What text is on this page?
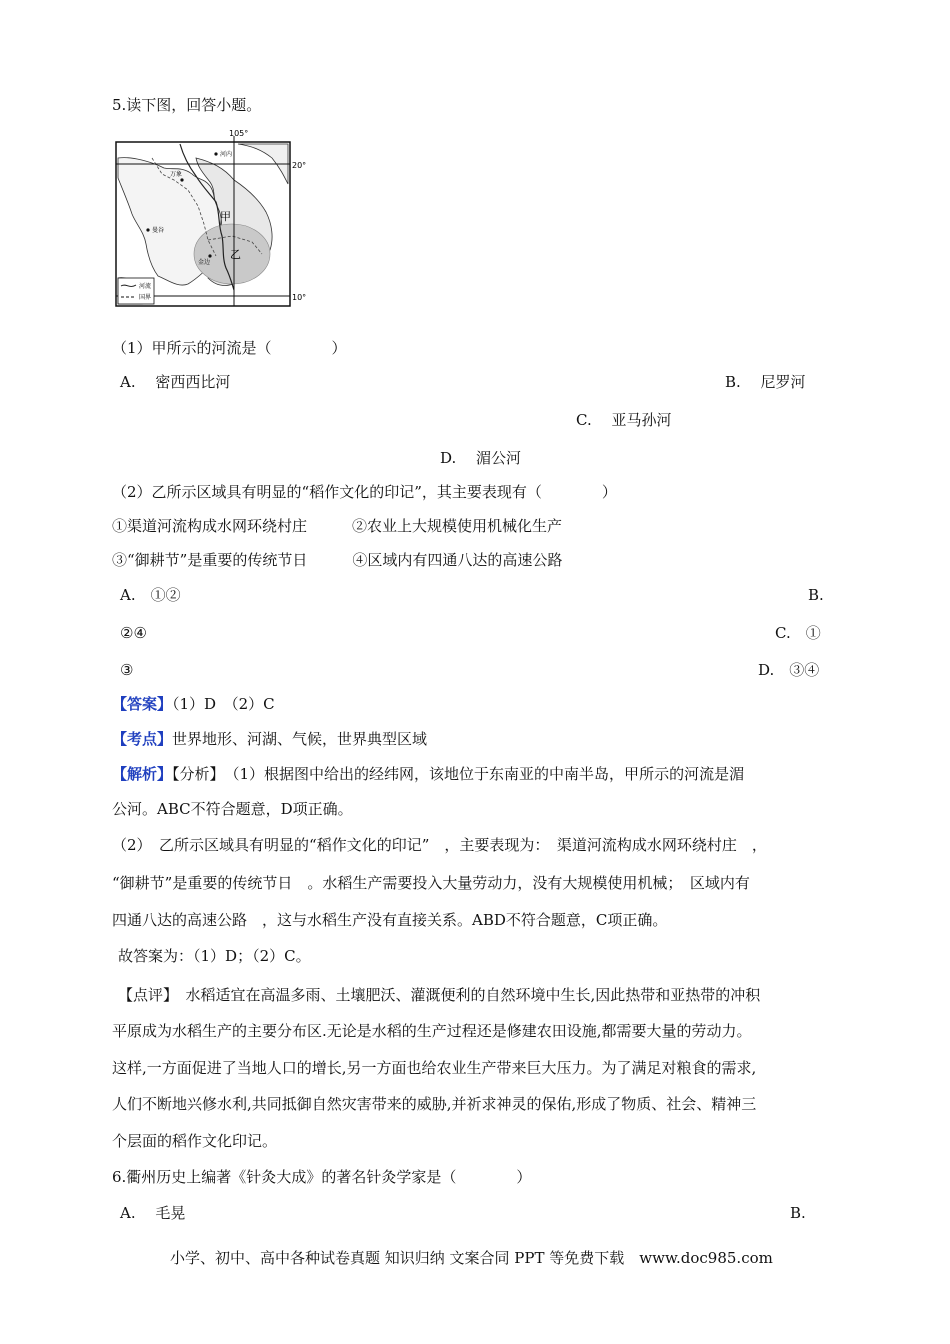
5.读下图，回答小题。
105°
20°
10°
万象
河内
曼谷
金边
甲
乙
河流
国界
（1）甲所示的河流是（　　　　）
A.　 密西西比河	B.　 尼罗河
C.　 亚马孙河
D.　 湄公河
（2）乙所示区域具有明显的“稻作文化的印记”，其主要表现有（　　　　）
①渠道河流构成水网环绕村庄　　　②农业上大规模使用机械化生产
③“御耕节”是重要的传统节日　　　④区域内有四通八达的高速公路
A.　①②	B.
②④	C.　①
③	D.　③④
【答案】（1）D　（2）C
【考点】世界地形、河湖、气候，世界典型区域
【解析】【分析】　（1）根据图中给出的经纬网，该地位于东南亚的中南半岛，甲所示的河流是湄
公河。ABC不符合题意，D项正确。
（2）　乙所示区域具有明显的“稻作文化的印记”　，主要表现为：　渠道河流构成水网环绕村庄　，
“御耕节”是重要的传统节日　。水稻生产需要投入大量劳动力，没有大规模使用机械；　区域内有
四通八达的高速公路　，这与水稻生产没有直接关系。ABD不符合题意，C项正确。
故答案为：（1）D；（2）C。
【点评】　水稻适宜在高温多雨、土壤肥沃、灌溉便利的自然环境中生长,因此热带和亚热带的冲积
平原成为水稻生产的主要分布区.无论是水稻的生产过程还是修建农田设施,都需要大量的劳动力。
这样,一方面促进了当地人口的增长,另一方面也给农业生产带来巨大压力。为了满足对粮食的需求,
人们不断地兴修水利,共同抵御自然灾害带来的威胁,并祈求神灵的保佑,形成了物质、社会、精神三
个层面的稻作文化印记。
6.衢州历史上编著《针灸大成》的著名针灸学家是（　　　　）
A.　 毛晃	B.
小学、初中、高中各种试卷真题 知识归纳 文案合同 PPT 等免费下载　www.doc985.com
